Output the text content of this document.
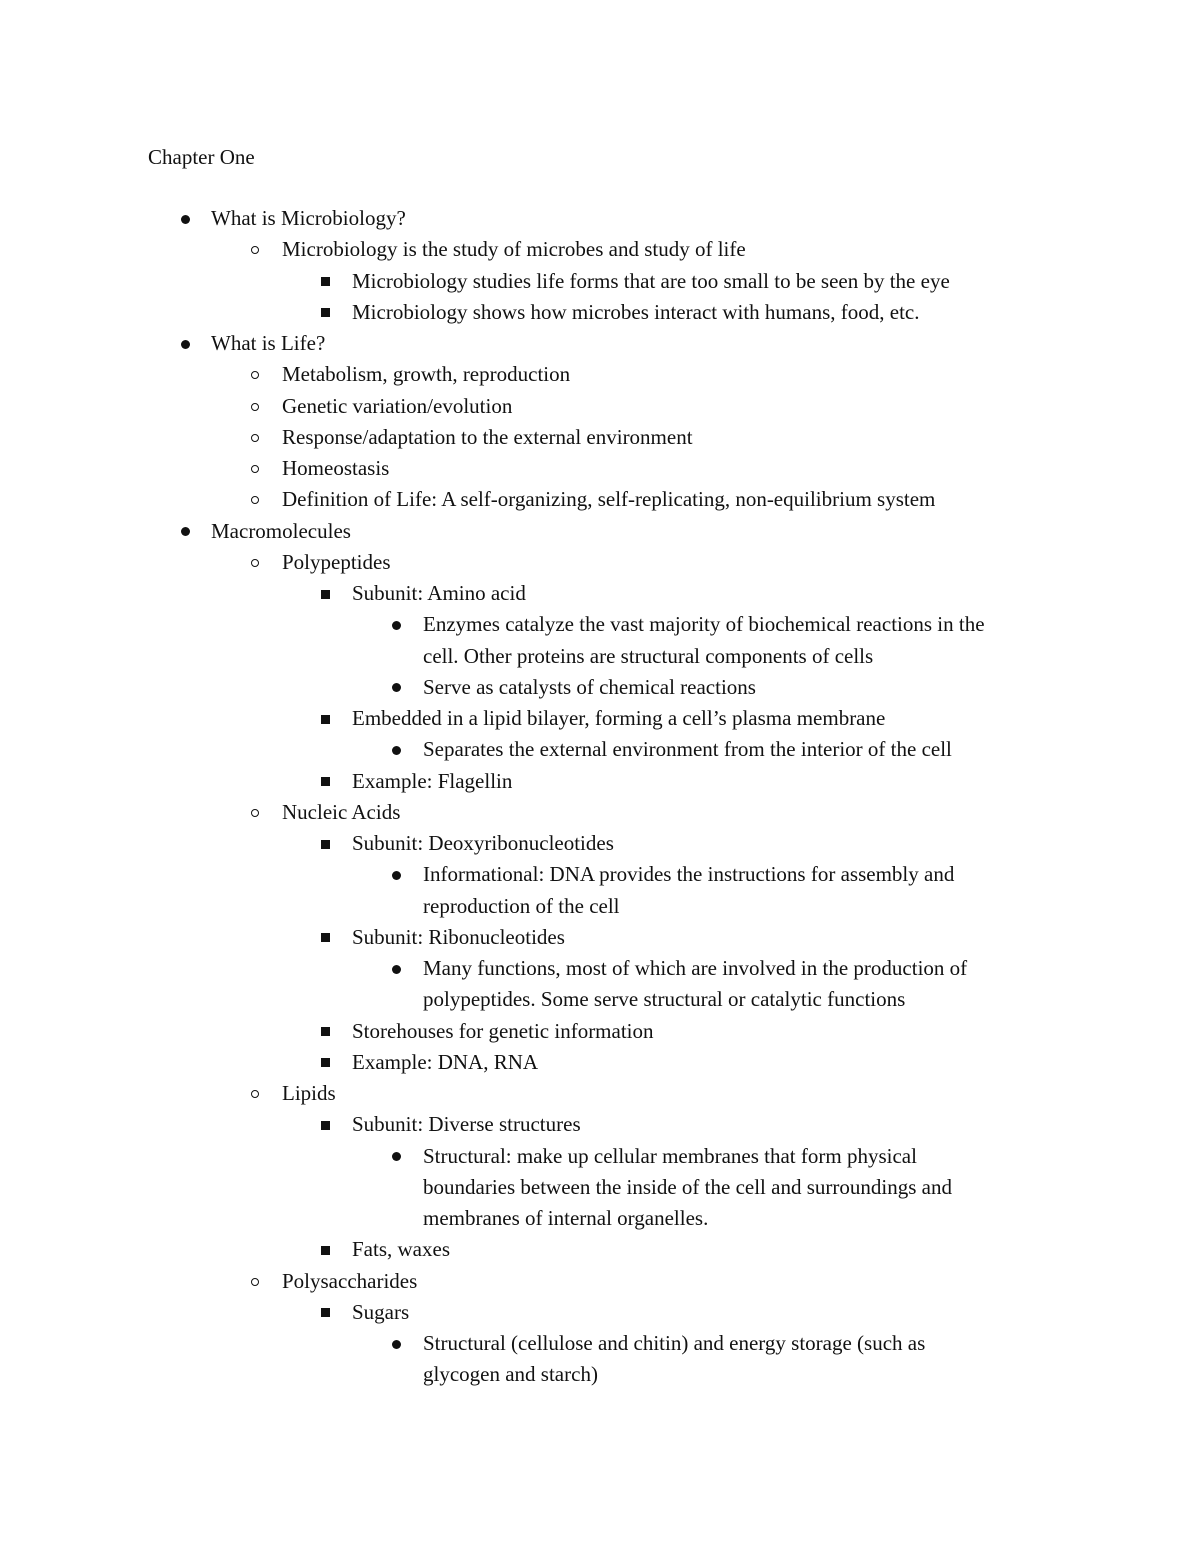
Chapter One
What is Microbiology?
Microbiology is the study of microbes and study of life
Microbiology studies life forms that are too small to be seen by the eye
Microbiology shows how microbes interact with humans, food, etc.
What is Life?
Metabolism, growth, reproduction
Genetic variation/evolution
Response/adaptation to the external environment
Homeostasis
Definition of Life: A self-organizing, self-replicating, non-equilibrium system
Macromolecules
Polypeptides
Subunit: Amino acid
Enzymes catalyze the vast majority of biochemical reactions in the
cell. Other proteins are structural components of cells
Serve as catalysts of chemical reactions
Embedded in a lipid bilayer, forming a cell’s plasma membrane
Separates the external environment from the interior of the cell
Example: Flagellin
Nucleic Acids
Subunit: Deoxyribonucleotides
Informational: DNA provides the instructions for assembly and
reproduction of the cell
Subunit: Ribonucleotides
Many functions, most of which are involved in the production of
polypeptides. Some serve structural or catalytic functions
Storehouses for genetic information
Example: DNA, RNA
Lipids
Subunit: Diverse structures
Structural: make up cellular membranes that form physical
boundaries between the inside of the cell and surroundings and
membranes of internal organelles.
Fats, waxes
Polysaccharides
Sugars
Structural (cellulose and chitin) and energy storage (such as
glycogen and starch)
